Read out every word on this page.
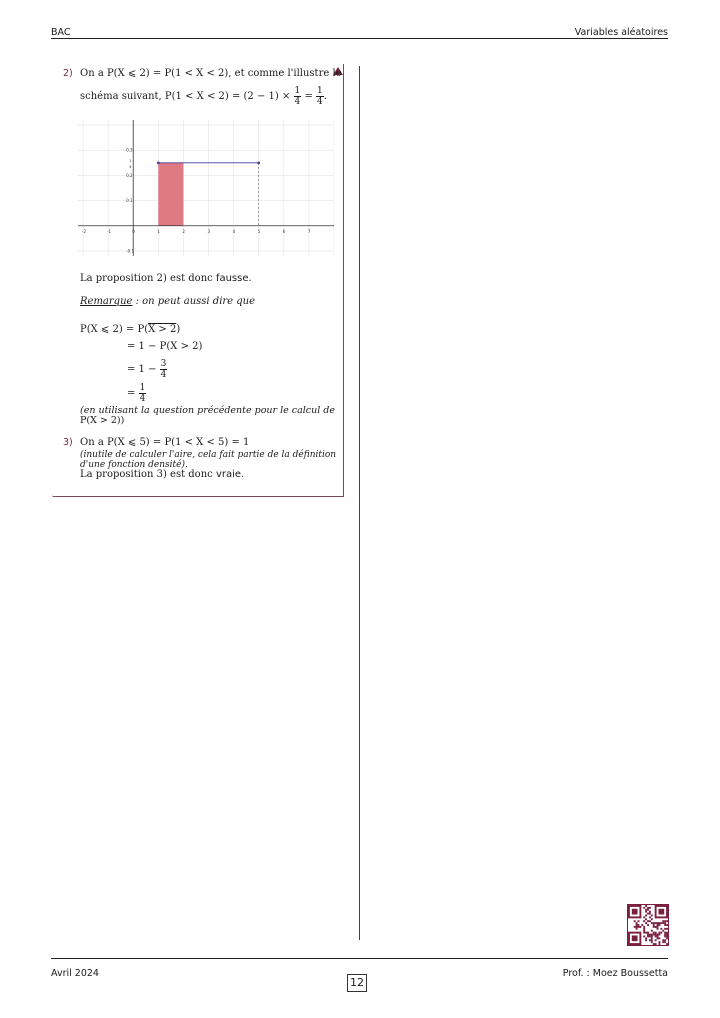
BAC	Variables aléatoires
2) On a P(X ⩽ 2) = P(1 < X < 2), et comme l'illustre le
schéma suivant, $P(1 < X < 2) = (2 - 1) \times \frac{1}{4} = \frac{1}{4}$ .
-2	-1	0	1	2	3	4	5	6	7
-0.1
0.1
0.2
0.3
1
4
La proposition 2) est donc fausse.
Remarque : on peut aussi dire que
P(X ⩽ 2) = P(X > 2)
= 1 − P(X > 2)
= $1 - \frac{3}{4}$
= $\frac{1}{4}$
(en utilisant la question précédente pour le calcul de
P(X > 2))
3) On a P(X ⩽ 5) = P(1 < X < 5) = 1
(inutile de calculer l'aire, cela fait partie de la définition
d'une fonction densité).
La proposition 3) est donc vraie.
Avril 2024
12
Prof. : Moez Boussetta
